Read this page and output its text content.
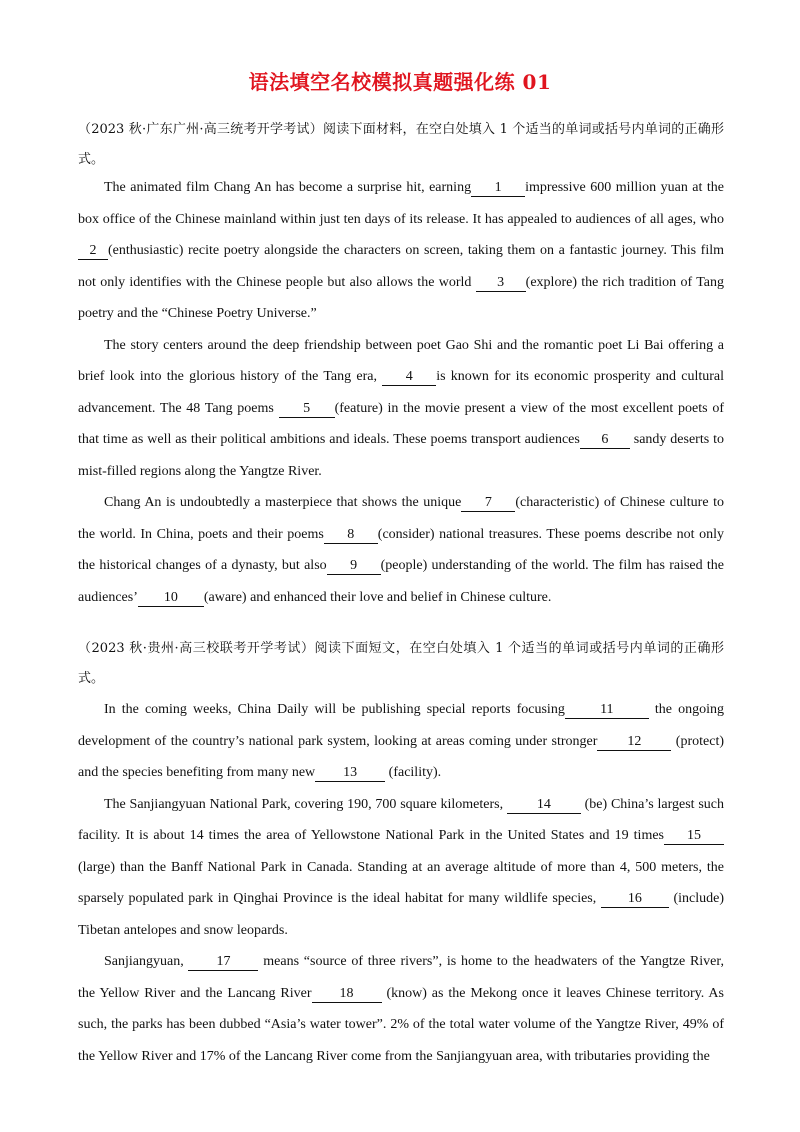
语法填空名校模拟真题强化练 01
（2023 秋·广东广州·高三统考开学考试）阅读下面材料，在空白处填入 1 个适当的单词或括号内单词的正确形式。

The animated film Chang An has become a surprise hit, earning 1 impressive 600 million yuan at the box office of the Chinese mainland within just ten days of its release. It has appealed to audiences of all ages, who 2 (enthusiastic) recite poetry alongside the characters on screen, taking them on a fantastic journey. This film not only identifies with the Chinese people but also allows the world 3 (explore) the rich tradition of Tang poetry and the “Chinese Poetry Universe.”

The story centers around the deep friendship between poet Gao Shi and the romantic poet Li Bai offering a brief look into the glorious history of the Tang era, 4 is known for its economic prosperity and cultural advancement. The 48 Tang poems 5 (feature) in the movie present a view of the most excellent poets of that time as well as their political ambitions and ideals. These poems transport audiences 6 sandy deserts to mist-filled regions along the Yangtze River.

Chang An is undoubtedly a masterpiece that shows the unique 7 (characteristic) of Chinese culture to the world. In China, poets and their poems 8 (consider) national treasures. These poems describe not only the historical changes of a dynasty, but also 9 (people) understanding of the world. The film has raised the audiences’ 10 (aware) and enhanced their love and belief in Chinese culture.

（2023 秋·贵州·高三校联考开学考试）阅读下面短文，在空白处填入 1 个适当的单词或括号内单词的正确形式。

In the coming weeks, China Daily will be publishing special reports focusing	11	the ongoing development of the country’s national park system, looking at areas coming under stronger 12 (protect) and the species benefiting from many new 13 (facility).

The Sanjiangyuan National Park, covering 190, 700 square kilometers, 14 (be) China’s largest such facility. It is about 14 times the area of Yellowstone National Park in the United States and 19 times 15 (large) than the Banff National Park in Canada. Standing at an average altitude of more than 4, 500 meters, the sparsely populated park in Qinghai Province is the ideal habitat for many wildlife species, 16 (include) Tibetan antelopes and snow leopards.

Sanjiangyuan, 17 means “source of three rivers”, is home to the headwaters of the Yangtze River, the Yellow River and the Lancang River 18 (know) as the Mekong once it leaves Chinese territory. As such, the parks has been dubbed “Asia’s water tower”. 2% of the total water volume of the Yangtze River, 49% of the Yellow River and 17% of the Lancang River come from the Sanjiangyuan area, with tributaries providing the
